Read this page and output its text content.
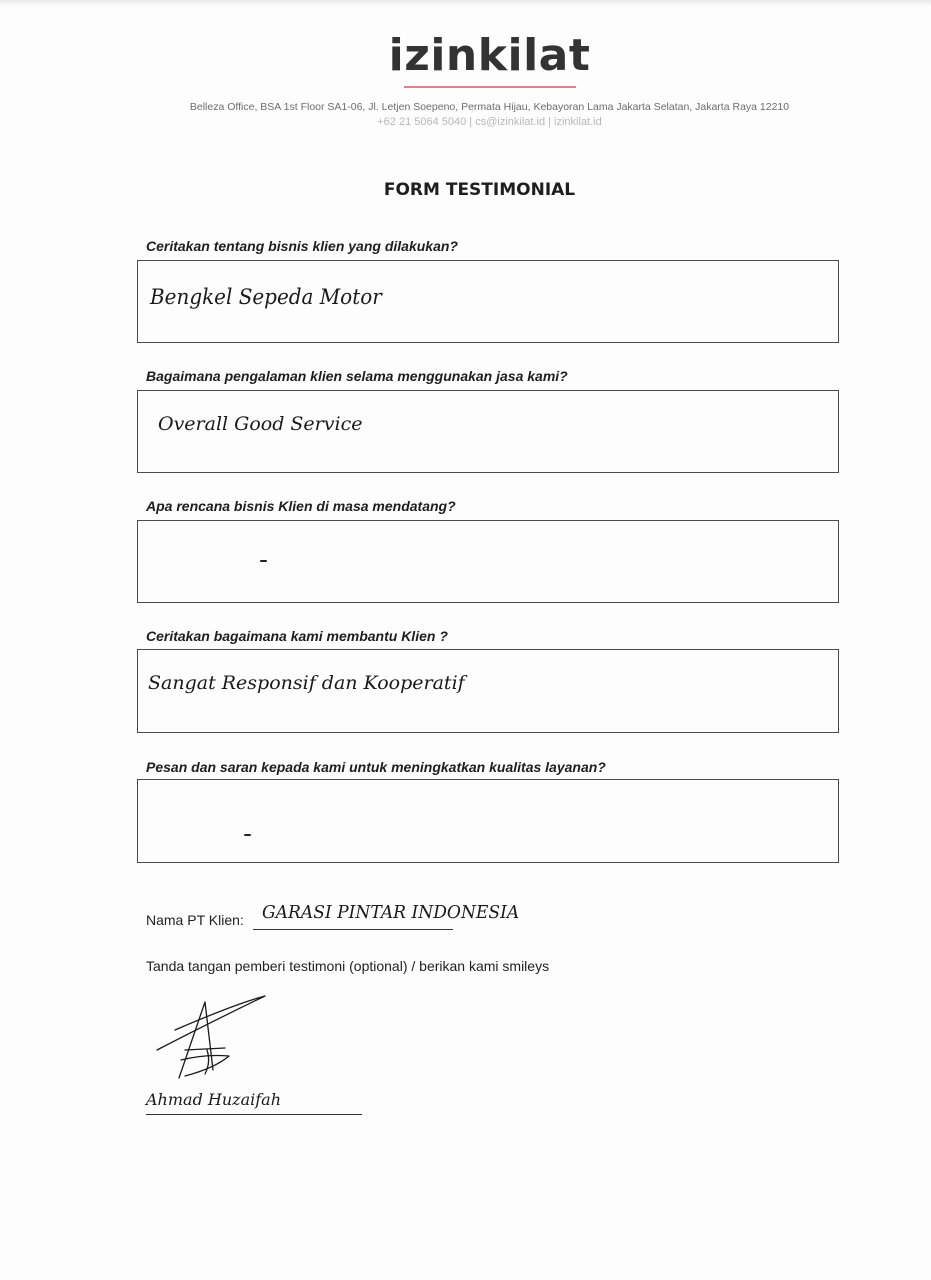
izinkilat
Belleza Office, BSA 1st Floor SA1-06, Jl. Letjen Soepeno, Permata Hijau, Kebayoran Lama Jakarta Selatan, Jakarta Raya 12210
+62 21 5064 5040 | cs@izinkilat.id | izinkilat.id
FORM TESTIMONIAL
Ceritakan tentang bisnis klien yang dilakukan?
Bengkel Sepeda Motor
Bagaimana pengalaman klien selama menggunakan jasa kami?
Overall Good Service
Apa rencana bisnis Klien di masa mendatang?
Ceritakan bagaimana kami membantu Klien ?
Sangat Responsif dan Kooperatif
Pesan dan saran kepada kami untuk meningkatkan kualitas layanan?
Nama PT Klien: GARASI PINTAR INDONESIA
Tanda tangan pemberi testimoni (optional) / berikan kami smileys
Ahmad Huzaifah
